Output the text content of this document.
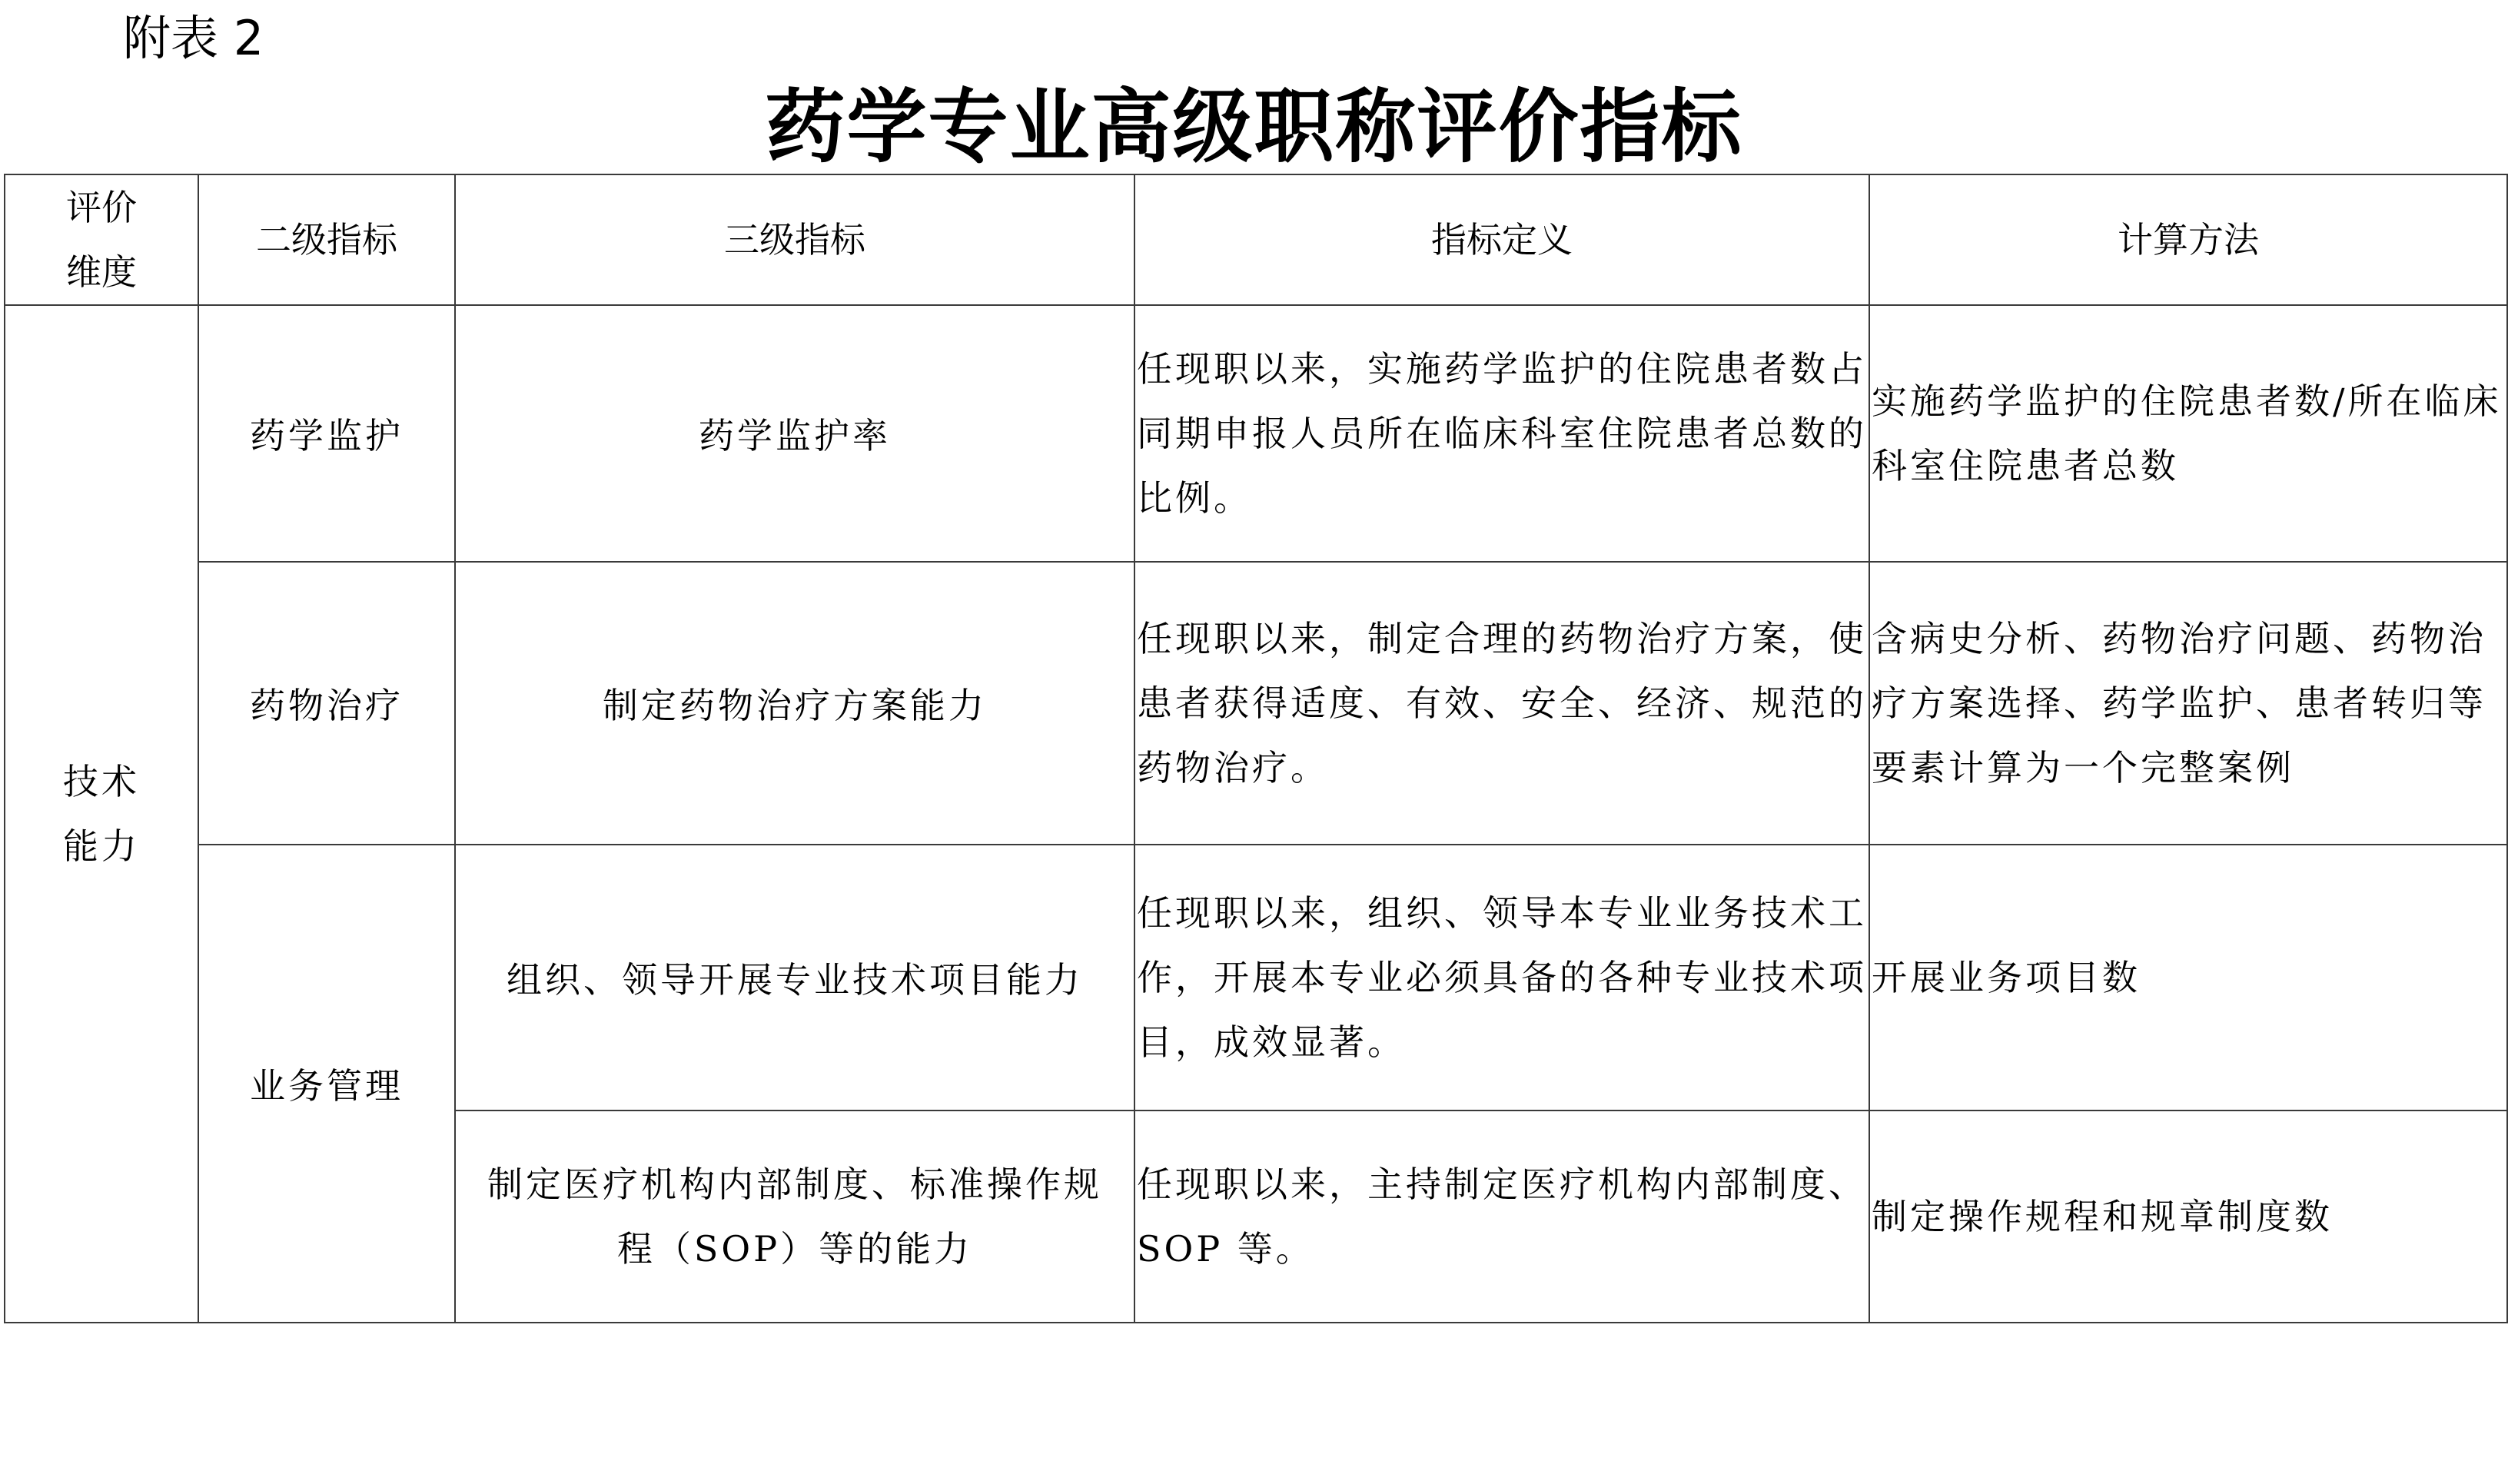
附表 2
药学专业高级职称评价指标
评价维度	二级指标	三级指标	指标定义	计算方法
技术能力	药学监护	药学监护率	任现职以来，实施药学监护的住院患者数占同期申报人员所在临床科室住院患者总数的比例。	实施药学监护的住院患者数/所在临床科室住院患者总数

	药物治疗	制定药物治疗方案能力	任现职以来，制定合理的药物治疗方案，使患者获得适度、有效、安全、经济、规范的药物治疗。	含病史分析、药物治疗问题、药物治疗方案选择、药学监护、患者转归等要素计算为一个完整案例

	业务管理	组织、领导开展专业技术项目能力	任现职以来，组织、领导本专业业务技术工作，开展本专业必须具备的各种专业技术项目，成效显著。	开展业务项目数

		制定医疗机构内部制度、标准操作规程（SOP）等的能力	任现职以来，主持制定医疗机构内部制度、SOP 等。	制定操作规程和规章制度数
